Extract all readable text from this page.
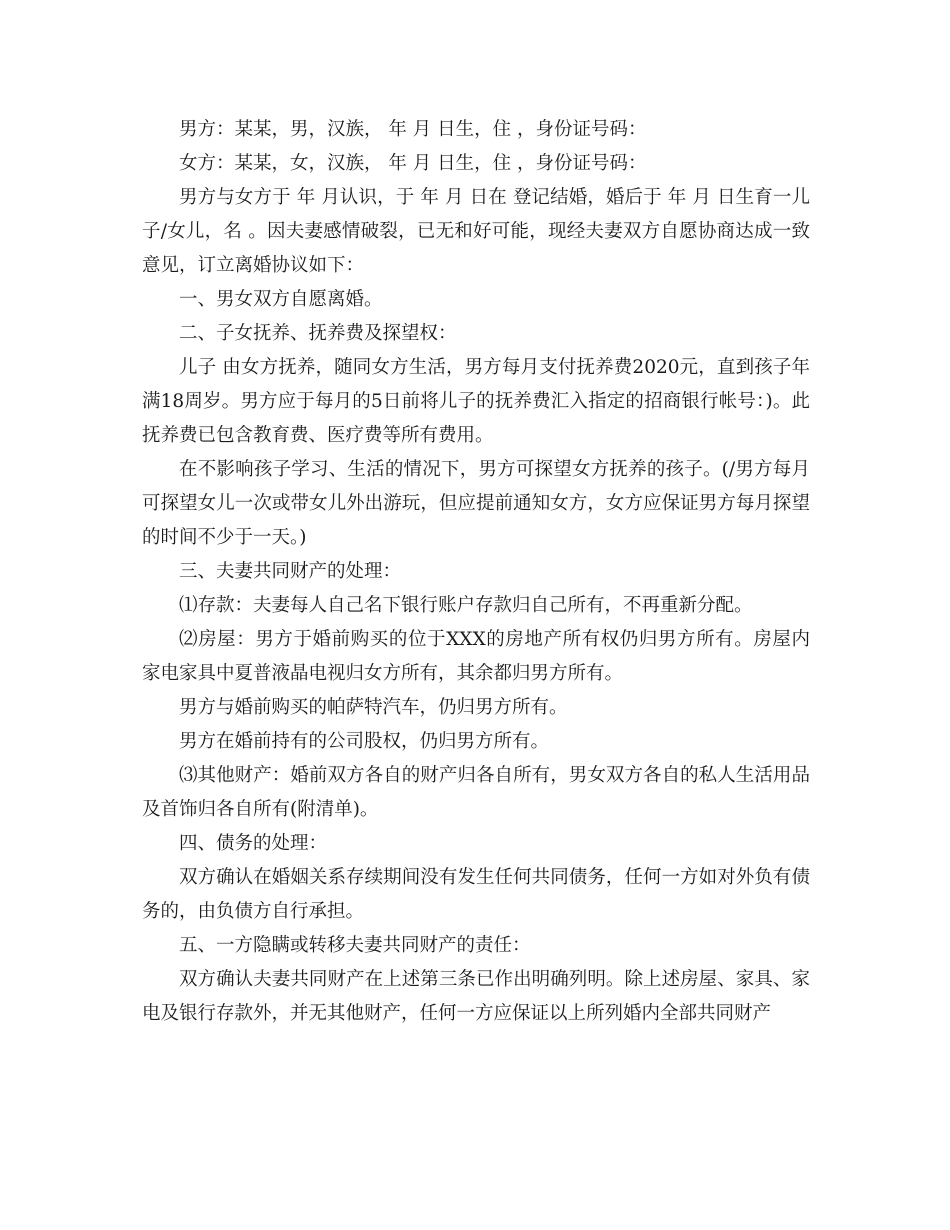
男方：某某，男，汉族， 年 月 日生，住 ，身份证号码：

女方：某某，女，汉族， 年 月 日生，住 ，身份证号码：

男方与女方于 年 月认识，于 年 月 日在 登记结婚，婚后于 年 月 日生育一儿子/女儿，名 。因夫妻感情破裂，已无和好可能，现经夫妻双方自愿协商达成一致意见，订立离婚协议如下：

一、男女双方自愿离婚。

二、子女抚养、抚养费及探望权：

儿子 由女方抚养，随同女方生活，男方每月支付抚养费2020元，直到孩子年满18周岁。男方应于每月的5日前将儿子的抚养费汇入指定的招商银行帐号：)。此抚养费已包含教育费、医疗费等所有费用。

在不影响孩子学习、生活的情况下，男方可探望女方抚养的孩子。(/男方每月可探望女儿一次或带女儿外出游玩，但应提前通知女方，女方应保证男方每月探望的时间不少于一天。)

三、夫妻共同财产的处理：

⑴存款：夫妻每人自己名下银行账户存款归自己所有，不再重新分配。

⑵房屋：男方于婚前购买的位于XXX的房地产所有权仍归男方所有。房屋内家电家具中夏普液晶电视归女方所有，其余都归男方所有。

男方与婚前购买的帕萨特汽车，仍归男方所有。

男方在婚前持有的公司股权，仍归男方所有。

⑶其他财产：婚前双方各自的财产归各自所有，男女双方各自的私人生活用品及首饰归各自所有(附清单)。

四、债务的处理：

双方确认在婚姻关系存续期间没有发生任何共同债务，任何一方如对外负有债务的，由负债方自行承担。

五、一方隐瞒或转移夫妻共同财产的责任：

双方确认夫妻共同财产在上述第三条已作出明确列明。除上述房屋、家具、家电及银行存款外，并无其他财产，任何一方应保证以上所列婚内全部共同财产
